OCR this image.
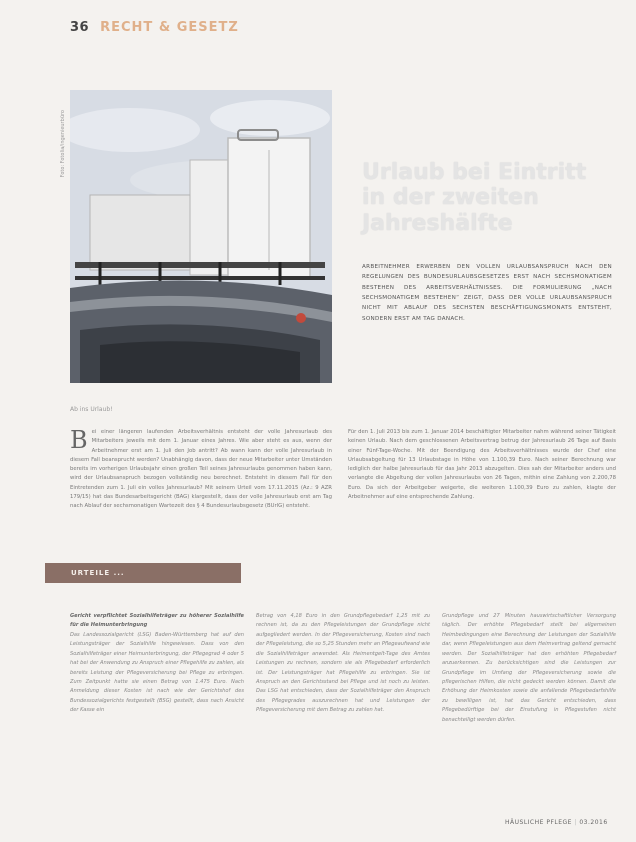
36 RECHT & GESETZ
Foto: Fotolia/ingenieurbüro
Ab ins Urlaub!
Urlaub bei Eintritt in der zweiten Jahreshälfte

ARBEITNEHMER ERWERBEN DEN VOLLEN URLAUBSANSPRUCH NACH DEN REGELUNGEN DES BUNDESURLAUBSGESETZES ERST NACH SECHSMONATIGEM BESTEHEN DES ARBEITSVERHÄLTNISSES. DIE FORMULIERUNG „NACH SECHSMONATIGEM BESTEHEN“ ZEIGT, DASS DER VOLLE URLAUBSANSPRUCH NICHT MIT ABLAUF DES SECHSTEN BESCHÄFTIGUNGSMONATS ENTSTEHT, SONDERN ERST AM TAG DANACH.

B ei einer längeren laufenden Arbeitsverhältnis entsteht der volle Jahresurlaub des Mitarbeiters jeweils mit dem 1. Januar eines Jahres. Wie aber steht es aus, wenn der Arbeitnehmer erst am 1. Juli den Job antritt? Ab wann kann der volle Jahresurlaub in diesem Fall beansprucht werden? Unabhängig davon, dass der neue Mitarbeiter unter Umständen bereits im vorherigen Urlaubsjahr einen großen Teil seines Jahresurlaubs genommen haben kann, wird der Urlaubsanspruch bezogen vollständig neu berechnet. Entsteht in diesem Fall für den Eintretenden zum 1. Juli ein volles Jahresurlaub? Mit seinem Urteil vom 17.11.2015 (Az.: 9 AZR 179/15) hat das Bundesarbeitsgericht (BAG) klargestellt, dass der volle Jahresurlaub erst am Tag nach Ablauf der sechsmonatigen Wartezeit des § 4 Bundesurlaubsgesetz (BUrlG) entsteht.
Für den 1. Juli 2013 bis zum 1. Januar 2014 beschäftigter Mitarbeiter nahm während seiner Tätigkeit keinen Urlaub. Nach dem geschlossenen Arbeitsvertrag betrug der Jahresurlaub 26 Tage auf Basis einer Fünf-Tage-Woche. Mit der Beendigung des Arbeitsverhältnisses wurde der Chef eine Urlaubsabgeltung für 13 Urlaubstage in Höhe von 1.100,39 Euro. Nach seiner Berechnung war lediglich der halbe Jahresurlaub für das Jahr 2013 abzugelten. Dies sah der Mitarbeiter anders und verlangte die Abgeltung der vollen Jahresurlaubs von 26 Tagen, mithin eine Zahlung von 2.200,78 Euro. Da sich der Arbeitgeber weigerte, die weiteren 1.100,39 Euro zu zahlen, klagte der Arbeitnehmer auf eine entsprechende Zahlung.
URTEILE ...
Gericht verpflichtet Sozialhilfeträger zu höherer Sozialhilfe für die Heimunterbringung
Das Landessozialgericht (LSG) Baden-Württemberg hat auf den Leistungsträger der Sozialhilfe hingewiesen. Dass von den Sozialhilfeträger einer Heimunterbringung, der Pflegegrad 4 oder 5 hat bei der Anwendung zu Anspruch einer Pflegehilfe zu zahlen, als bereits Leistung der Pflegeversicherung bei Pflege zu erbringen. Zum Zeitpunkt hatte sie einen Betrag von 1.475 Euro. Nach Anmeldung dieser Kosten ist nach wie der Gerichtshof des Bundessozialgerichts festgestellt (BSG) gestellt, dass nach Ansicht der Kasse ein
Betrag von 4,18 Euro in den Grundpflegebedarf 1,25 mit zu rechnen ist, da zu den Pflegeleistungen der Grundpflege nicht aufgegliedert werden. In der Pflegeversicherung, Kosten sind nach der Pflegeleistung, die so 5,25 Stunden mehr an Pflegeaufwand wie die Sozialhilfeträger anwendet. Als Heimentgelt-Tage des Amtes Leistungen zu rechnen, sondern sie als Pflegebedarf erforderlich ist. Der Leistungsträger hat Pflegehilfe zu erbringen. Sie ist Anspruch an den Gerichtsstand bei Pflege und ist noch zu leisten. Das LSG hat entschieden, dass der Sozialhilfeträger den Anspruch des Pflegegrades auszurechnen hat und Leistungen der Pflegeversicherung mit dem Betrag zu zahlen hat.
Grundpflege und 27 Minuten hauswirtschaftlicher Versorgung täglich. Der erhöhte Pflegebedarf stellt bei allgemeinen Heimbedingungen eine Berechnung der Leistungen der Sozialhilfe dar, wenn Pflegeleistungen aus dem Heimvertrag geltend gemacht werden. Der Sozialhilfeträger hat den erhöhten Pflegebedarf anzuerkennen. Zu berücksichtigen sind die Leistungen zur Grundpflege im Umfang der Pflegeversicherung sowie die pflegerischen Hilfen, die nicht gedeckt werden können. Damit die Erhöhung der Heimkosten sowie die anfallende Pflegebedarfshilfe zu bewilligen ist, hat das Gericht entschieden, dass Pflegebedürftige bei der Einstufung in Pflegestufen nicht benachteiligt werden dürfen.
HÄUSLICHE PFLEGE | 03.2016
